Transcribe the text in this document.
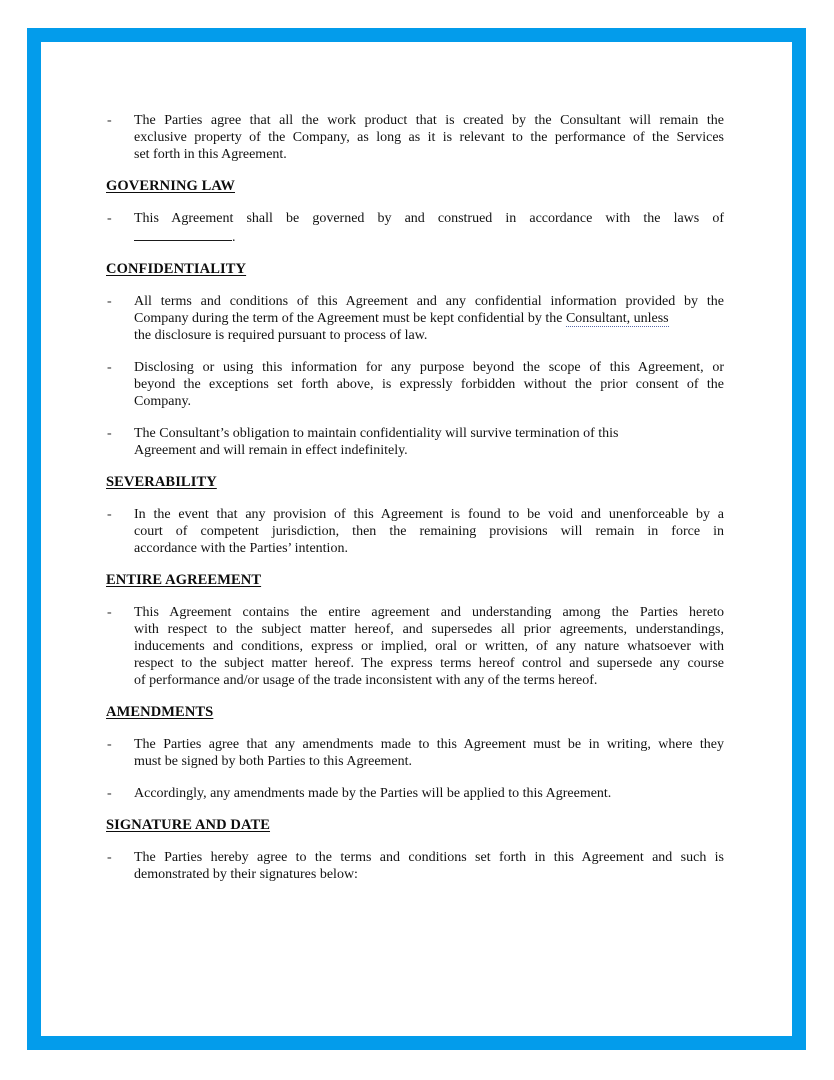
-	The Parties agree that all the work product that is created by the Consultant will remain the
exclusive property of the Company, as long as it is relevant to the performance of the Services
set forth in this Agreement.
GOVERNING LAW
-	This Agreement shall be governed by and construed in accordance with the laws of
.
CONFIDENTIALITY
-	All terms and conditions of this Agreement and any confidential information provided by the
Company during the term of the Agreement must be kept confidential by the Consultant, unless
the disclosure is required pursuant to process of law.
-	Disclosing or using this information for any purpose beyond the scope of this Agreement, or
beyond the exceptions set forth above, is expressly forbidden without the prior consent of the
Company.
-	The Consultant’s obligation to maintain confidentiality will survive termination of this
Agreement and will remain in effect indefinitely.
SEVERABILITY
-	In the event that any provision of this Agreement is found to be void and unenforceable by a
court of competent jurisdiction, then the remaining provisions will remain in force in
accordance with the Parties’ intention.
ENTIRE AGREEMENT
-	This Agreement contains the entire agreement and understanding among the Parties hereto
with respect to the subject matter hereof, and supersedes all prior agreements, understandings,
inducements and conditions, express or implied, oral or written, of any nature whatsoever with
respect to the subject matter hereof. The express terms hereof control and supersede any course
of performance and/or usage of the trade inconsistent with any of the terms hereof.
AMENDMENTS
-	The Parties agree that any amendments made to this Agreement must be in writing, where they
must be signed by both Parties to this Agreement.
-	Accordingly, any amendments made by the Parties will be applied to this Agreement.
SIGNATURE AND DATE
-	The Parties hereby agree to the terms and conditions set forth in this Agreement and such is
demonstrated by their signatures below:
